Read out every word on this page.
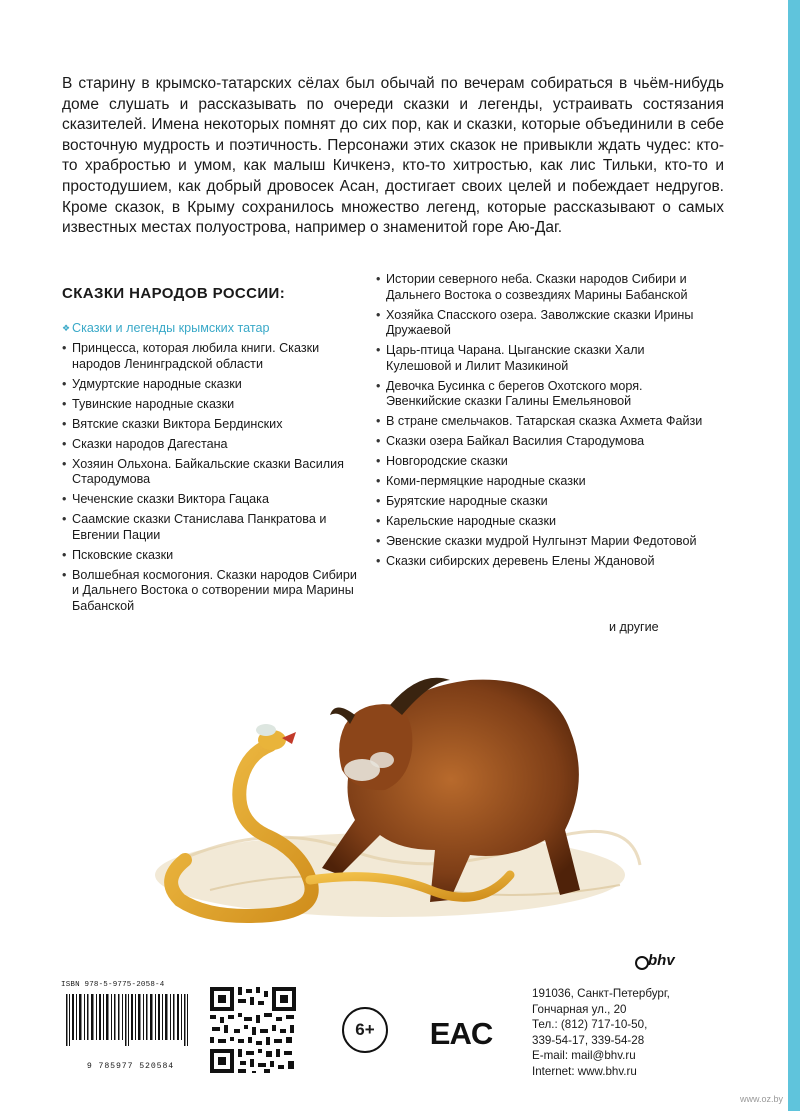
В старину в крымско-татарских сёлах был обычай по вечерам собираться в чьём-нибудь доме слушать и рассказывать по очереди сказки и легенды, устраивать состязания сказителей. Имена некоторых помнят до сих пор, как и сказки, которые объединили в себе восточную мудрость и поэтичность. Персонажи этих сказок не привыкли ждать чудес: кто-то храбростью и умом, как малыш Кичкенэ, кто-то хитростью, как лис Тильки, кто-то и простодушием, как добрый дровосек Асан, достигает своих целей и побеждает недругов. Кроме сказок, в Крыму сохранилось множество легенд, которые рассказывают о самых известных местах полуострова, например о знаменитой горе Аю-Даг.

СКАЗКИ НАРОДОВ РОССИИ:
❖ Сказки и легенды крымских татар
• Принцесса, которая любила книги. Сказки народов Ленинградской области
• Удмуртские народные сказки
• Тувинские народные сказки
• Вятские сказки Виктора Бердинских
• Сказки народов Дагестана
• Хозяин Ольхона. Байкальские сказки Василия Стародумова
• Чеченские сказки Виктора Гацака
• Саамские сказки Станислава Панкратова и Евгении Пации
• Псковские сказки
• Волшебная космогония. Сказки народов Сибири и Дальнего Востока о сотворении мира Марины Бабанской
• Истории северного неба. Сказки народов Сибири и Дальнего Востока о созвездиях Марины Бабанской
• Хозяйка Спасского озера. Заволжские сказки Ирины Дружаевой
• Царь-птица Чарана. Цыганские сказки Хали Кулешовой и Лилит Мазикиной
• Девочка Бусинка с берегов Охотского моря. Эвенкийские сказки Галины Емельяновой
• В стране смельчаков. Татарская сказка Ахмета Файзи
• Сказки озера Байкал Василия Стародумова
• Новгородские сказки
• Коми-пермяцкие народные сказки
• Бурятские народные сказки
• Карельские народные сказки
• Эвенские сказки мудрой Нулгынэт Марии Федотовой
• Сказки сибирских деревень Елены Ждановой
и другие
bhv
ISBN 978-5-9775-2058-4
9 785977 520584
6+	EAC
191036, Санкт-Петербург,
Гончарная ул., 20
Тел.: (812) 717-10-50,
339-54-17, 339-54-28
E-mail: mail@bhv.ru
Internet: www.bhv.ru
www.oz.by
